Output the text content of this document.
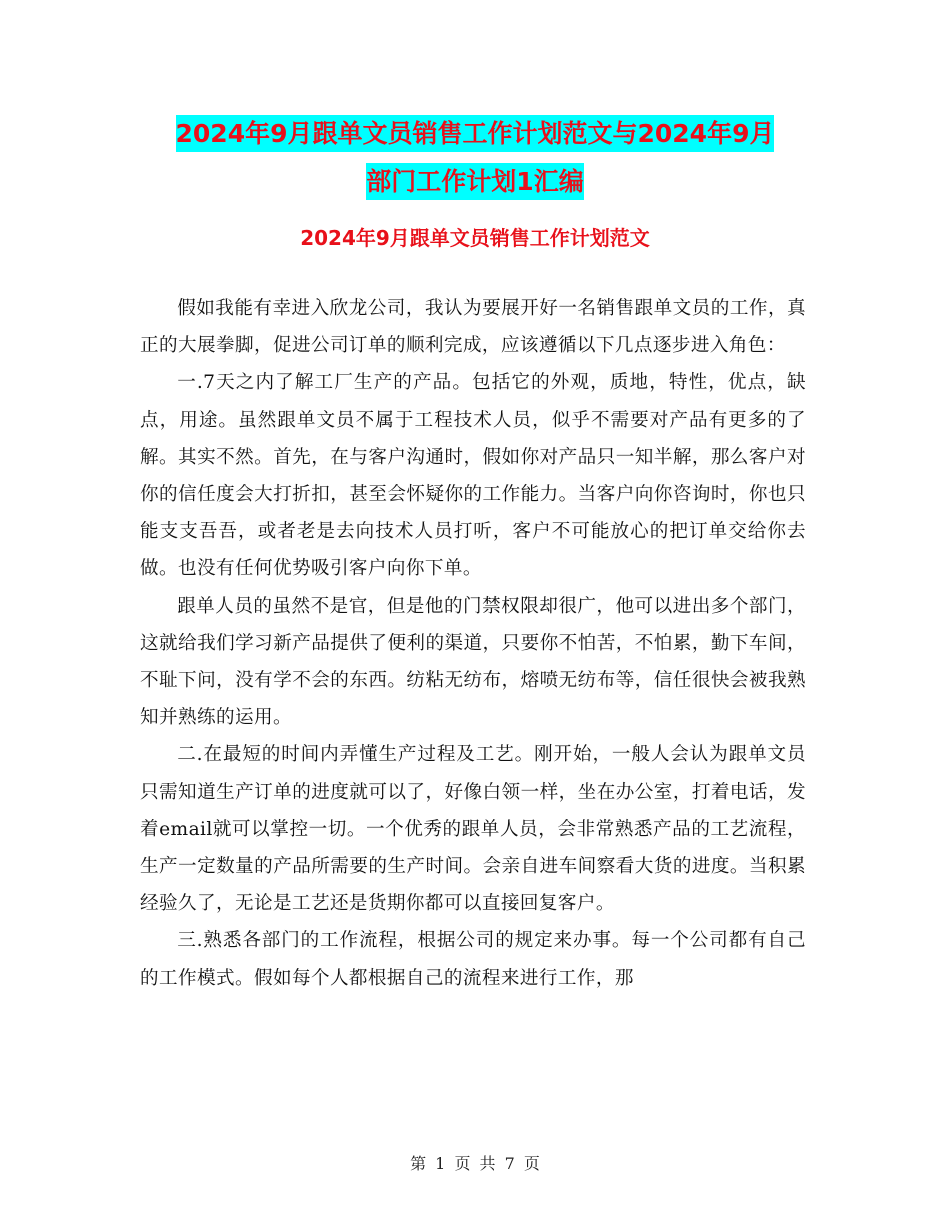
2024年9月跟单文员销售工作计划范文与2024年9月
部门工作计划1汇编
2024年9月跟单文员销售工作计划范文

假如我能有幸进入欣龙公司，我认为要展开好一名销售跟单文员的工作，真正的大展拳脚，促进公司订单的顺利完成，应该遵循以下几点逐步进入角色：

一.7天之内了解工厂生产的产品。包括它的外观，质地，特性，优点，缺点，用途。虽然跟单文员不属于工程技术人员，似乎不需要对产品有更多的了解。其实不然。首先，在与客户沟通时，假如你对产品只一知半解，那么客户对你的信任度会大打折扣，甚至会怀疑你的工作能力。当客户向你咨询时，你也只能支支吾吾，或者老是去向技术人员打听，客户不可能放心的把订单交给你去做。也没有任何优势吸引客户向你下单。

跟单人员的虽然不是官，但是他的门禁权限却很广，他可以进出多个部门，这就给我们学习新产品提供了便利的渠道，只要你不怕苦，不怕累，勤下车间，不耻下问，没有学不会的东西。纺粘无纺布，熔喷无纺布等，信任很快会被我熟知并熟练的运用。

二.在最短的时间内弄懂生产过程及工艺。刚开始，一般人会认为跟单文员只需知道生产订单的进度就可以了，好像白领一样，坐在办公室，打着电话，发着email就可以掌控一切。一个优秀的跟单人员，会非常熟悉产品的工艺流程，生产一定数量的产品所需要的生产时间。会亲自进车间察看大货的进度。当积累经验久了，无论是工艺还是货期你都可以直接回复客户。

三.熟悉各部门的工作流程，根据公司的规定来办事。每一个公司都有自己的工作模式。假如每个人都根据自己的流程来进行工作，那

第 1 页 共 7 页
